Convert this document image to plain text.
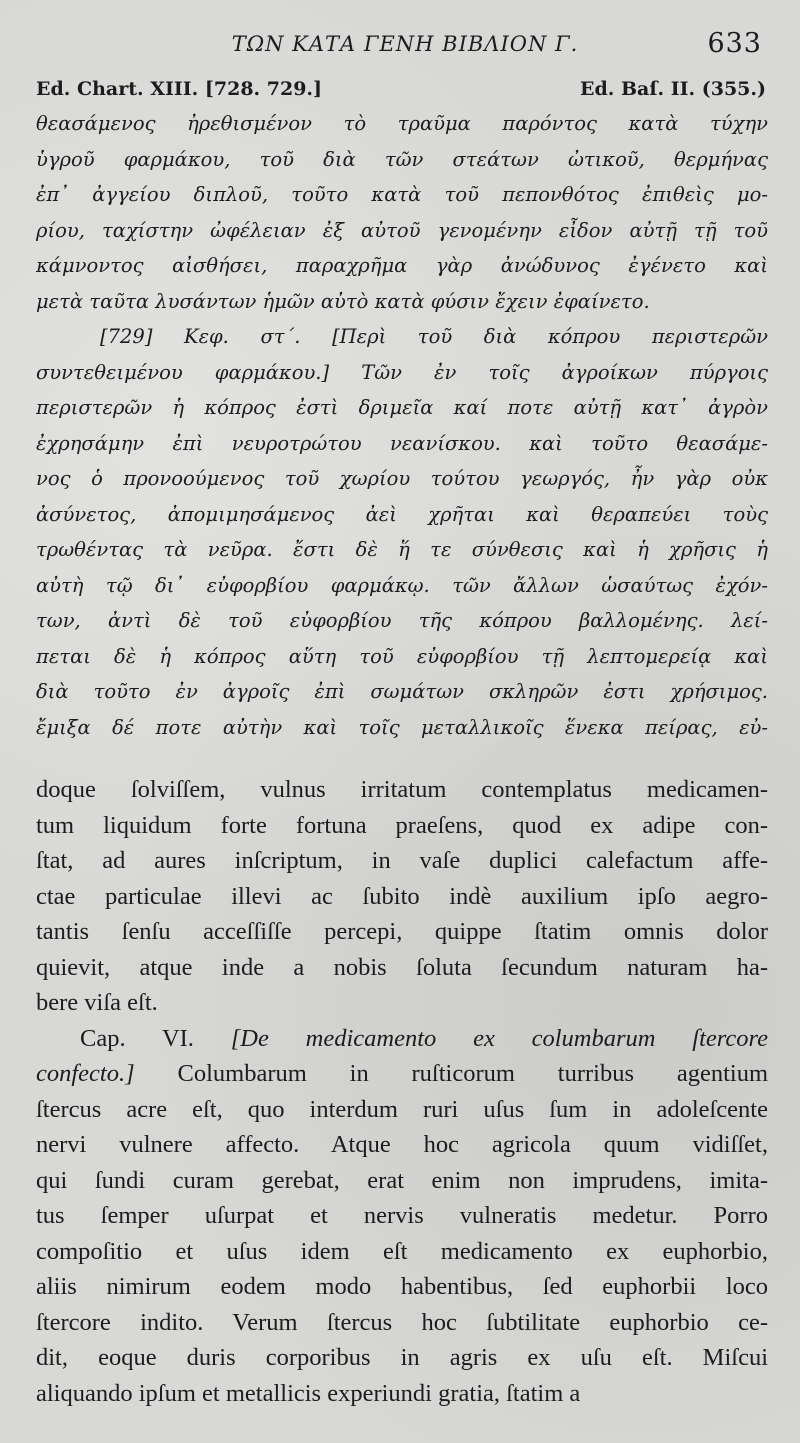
ΤΩΝ ΚΑΤΑ ΓΕΝΗ ΒΙΒΛΙΟΝ Γ.	633
Ed. Chart. XIII. [728. 729.]	Ed. Baſ. II. (355.)
θεασάμενος ἠρεθισμένον τὸ τραῦμα παρόντος κατὰ τύχην
ὑγροῦ φαρμάκου, τοῦ διὰ τῶν στεάτων ὠτικοῦ, θερμήνας
ἐπ᾽ ἀγγείου διπλοῦ, τοῦτο κατὰ τοῦ πεπονθότος ἐπιθεὶς μο-
ρίου, ταχίστην ὠφέλειαν ἐξ αὐτοῦ γενομένην εἶδον αὐτῇ τῇ τοῦ
κάμνοντος αἰσθήσει, παραχρῆμα γὰρ ἀνώδυνος ἐγένετο καὶ
μετὰ ταῦτα λυσάντων ἡμῶν αὐτὸ κατὰ φύσιν ἔχειν ἐφαίνετο.
[729] Κεφ. στ΄. [Περὶ τοῦ διὰ κόπρου περιστερῶν
συντεθειμένου φαρμάκου.] Τῶν ἐν τοῖς ἀγροίκων πύργοις
περιστερῶν ἡ κόπρος ἐστὶ δριμεῖα καί ποτε αὐτῇ κατ᾽ ἀγρὸν
ἐχρησάμην ἐπὶ νευροτρώτου νεανίσκου. καὶ τοῦτο θεασάμε-
νος ὁ προνοούμενος τοῦ χωρίου τούτου γεωργός, ἦν γὰρ οὐκ
ἀσύνετος, ἀπομιμησάμενος ἀεὶ χρῆται καὶ θεραπεύει τοὺς
τρωθέντας τὰ νεῦρα. ἔστι δὲ ἥ τε σύνθεσις καὶ ἡ χρῆσις ἡ
αὐτὴ τῷ δι᾽ εὐφορβίου φαρμάκῳ. τῶν ἄλλων ὡσαύτως ἐχόν-
των, ἀντὶ δὲ τοῦ εὐφορβίου τῆς κόπρου βαλλομένης. λεί-
πεται δὲ ἡ κόπρος αὕτη τοῦ εὐφορβίου τῇ λεπτομερείᾳ καὶ
διὰ τοῦτο ἐν ἀγροῖς ἐπὶ σωμάτων σκληρῶν ἐστι χρήσιμος.
ἔμιξα δέ ποτε αὐτὴν καὶ τοῖς μεταλλικοῖς ἕνεκα πείρας, εὐ-
doque ſolviſſem, vulnus irritatum contemplatus medicamen-
tum liquidum forte fortuna praeſens, quod ex adipe con-
ſtat, ad aures inſcriptum, in vaſe duplici calefactum affe-
ctae particulae illevi ac ſubito indè auxilium ipſo aegro-
tantis ſenſu acceſſiſſe percepi, quippe ſtatim omnis dolor
quievit, atque inde a nobis ſoluta ſecundum naturam ha-
bere viſa eſt.
Cap. VI. [De medicamento ex columbarum ſtercore
confecto.] Columbarum in ruſticorum turribus agentium
ſtercus acre eſt, quo interdum ruri uſus ſum in adoleſcente
nervi vulnere affecto. Atque hoc agricola quum vidiſſet,
qui ſundi curam gerebat, erat enim non imprudens, imita-
tus ſemper uſurpat et nervis vulneratis medetur. Porro
compoſitio et uſus idem eſt medicamento ex euphorbio,
aliis nimirum eodem modo habentibus, ſed euphorbii loco
ſtercore indito. Verum ſtercus hoc ſubtilitate euphorbio ce-
dit, eoque duris corporibus in agris ex uſu eſt. Miſcui
aliquando ipſum et metallicis experiundi gratia, ſtatim a
